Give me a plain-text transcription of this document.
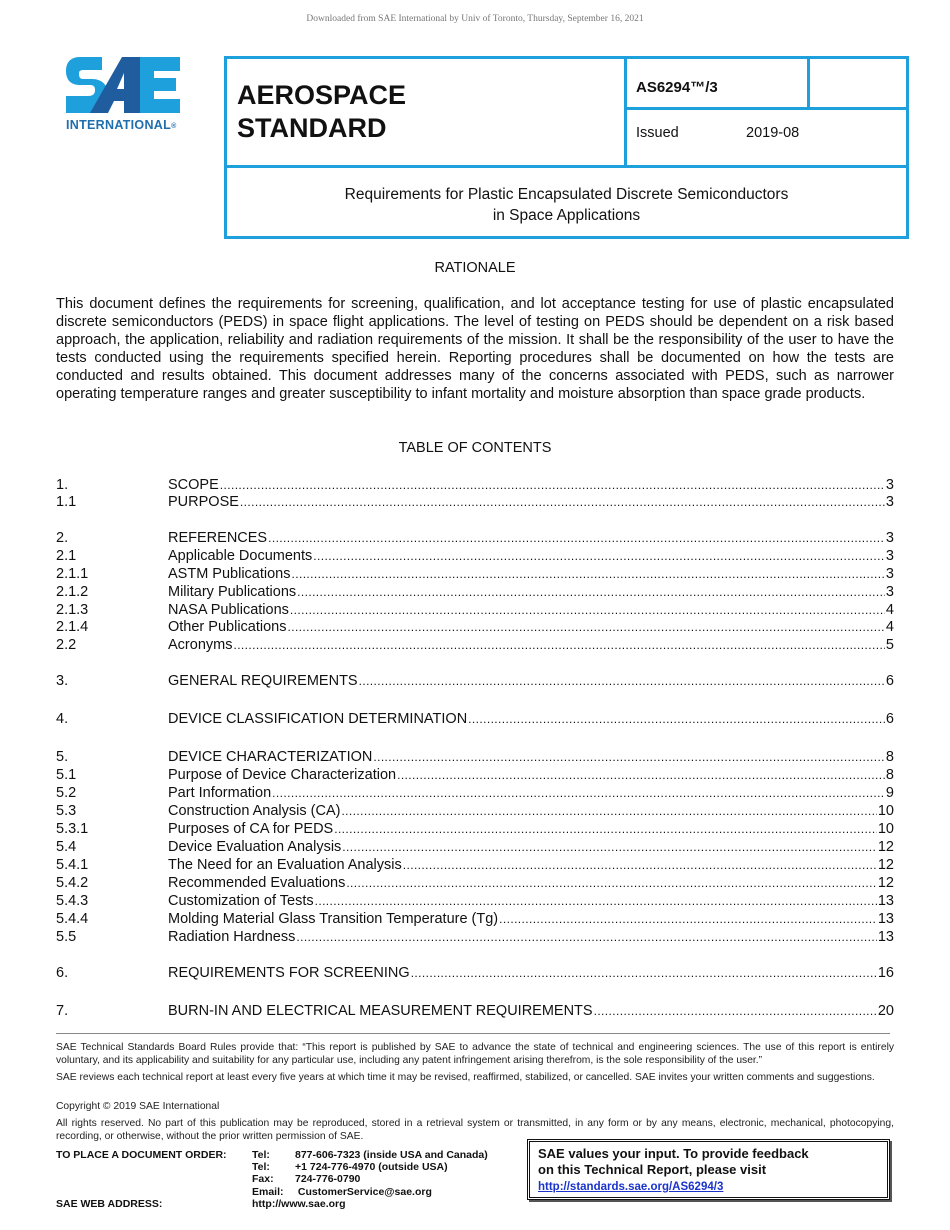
Downloaded from SAE International by Univ of Toronto, Thursday, September 16, 2021
INTERNATIONAL®
AEROSPACE
STANDARD
AS6294™/3
Issued	2019-08
Requirements for Plastic Encapsulated Discrete Semiconductors
in Space Applications
RATIONALE
This document defines the requirements for screening, qualification, and lot acceptance testing for use of plastic encapsulated discrete semiconductors (PEDS) in space flight applications. The level of testing on PEDS should be dependent on a risk based approach, the application, reliability and radiation requirements of the mission. It shall be the responsibility of the user to have the tests conducted using the requirements specified herein. Reporting procedures shall be documented on how the tests are conducted and results obtained. This document addresses many of the concerns associated with PEDS, such as narrower operating temperature ranges and greater susceptibility to infant mortality and moisture absorption than space grade products.
TABLE OF CONTENTS
1.	SCOPE .....	3
1.1	PURPOSE .....	3
2.	REFERENCES .....	3
2.1	Applicable Documents .....	3
2.1.1	ASTM Publications .....	3
2.1.2	Military Publications .....	3
2.1.3	NASA Publications .....	4
2.1.4	Other Publications .....	4
2.2	Acronyms .....	5
3.	GENERAL REQUIREMENTS .....	6
4.	DEVICE CLASSIFICATION DETERMINATION .....	6
5.	DEVICE CHARACTERIZATION .....	8
5.1	Purpose of Device Characterization .....	8
5.2	Part Information .....	9
5.3	Construction Analysis (CA) .....	10
5.3.1	Purposes of CA for PEDS .....	10
5.4	Device Evaluation Analysis .....	12
5.4.1	The Need for an Evaluation Analysis .....	12
5.4.2	Recommended Evaluations .....	12
5.4.3	Customization of Tests .....	13
5.4.4	Molding Material Glass Transition Temperature (Tg) .....	13
5.5	Radiation Hardness .....	13
6.	REQUIREMENTS FOR SCREENING .....	16
7.	BURN-IN AND ELECTRICAL MEASUREMENT REQUIREMENTS .....	20
SAE Technical Standards Board Rules provide that: “This report is published by SAE to advance the state of technical and engineering sciences. The use of this report is entirely voluntary, and its applicability and suitability for any particular use, including any patent infringement arising therefrom, is the sole responsibility of the user.”
SAE reviews each technical report at least every five years at which time it may be revised, reaffirmed, stabilized, or cancelled. SAE invites your written comments and suggestions.
Copyright © 2019 SAE International
All rights reserved. No part of this publication may be reproduced, stored in a retrieval system or transmitted, in any form or by any means, electronic, mechanical, photocopying, recording, or otherwise, without the prior written permission of SAE.
TO PLACE A DOCUMENT ORDER: Tel: 877-606-7323 (inside USA and Canada)
Tel: +1 724-776-4970 (outside USA)
Fax: 724-776-0790
Email: CustomerService@sae.org
SAE WEB ADDRESS:	http://www.sae.org
SAE values your input. To provide feedback
on this Technical Report, please visit
http://standards.sae.org/AS6294/3
